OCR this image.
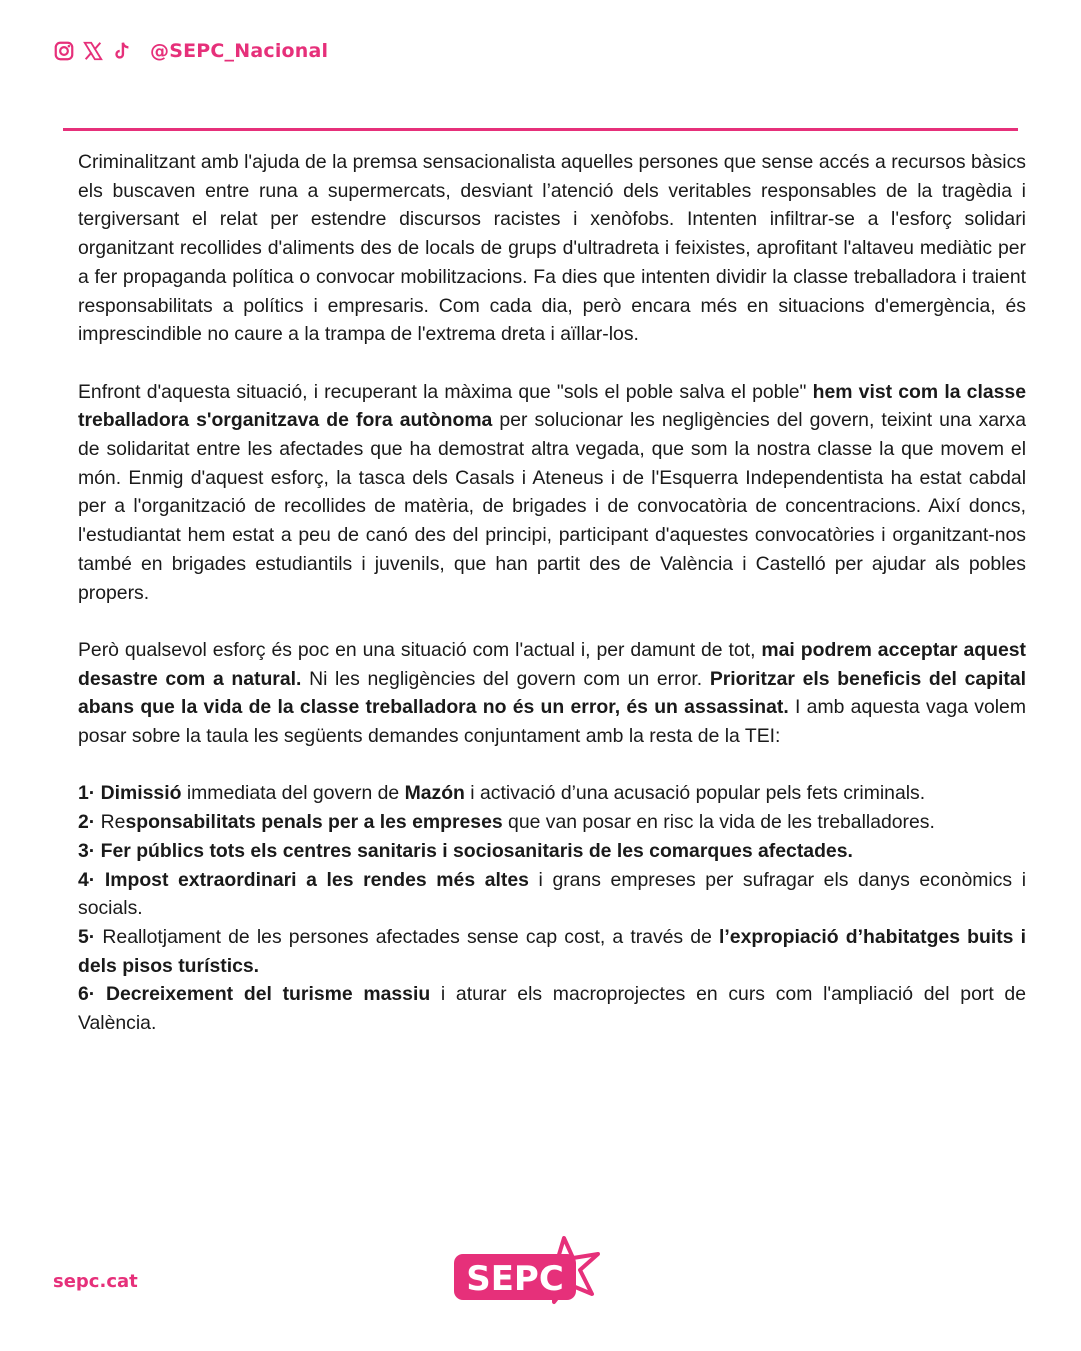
@SEPC_Nacional

Criminalitzant amb l'ajuda de la premsa sensacionalista aquelles persones que sense accés a recursos bàsics els buscaven entre runa a supermercats, desviant l’atenció dels veritables responsables de la tragèdia i tergiversant el relat per estendre discursos racistes i xenòfobs. Intenten infiltrar-se a l'esforç solidari organitzant recollides d'aliments des de locals de grups d'ultradreta i feixistes, aprofitant l'altaveu mediàtic per a fer propaganda política o convocar mobilitzacions. Fa dies que intenten dividir la classe treballadora i traient responsabilitats a polítics i empresaris. Com cada dia, però encara més en situacions d'emergència, és imprescindible no caure a la trampa de l'extrema dreta i aïllar-los.

Enfront d'aquesta situació, i recuperant la màxima que "sols el poble salva el poble" hem vist com la classe treballadora s'organitzava de fora autònoma per solucionar les negligències del govern, teixint una xarxa de solidaritat entre les afectades que ha demostrat altra vegada, que som la nostra classe la que movem el món. Enmig d'aquest esforç, la tasca dels Casals i Ateneus i de l'Esquerra Independentista ha estat cabdal per a l'organització de recollides de matèria, de brigades i de convocatòria de concentracions. Així doncs, l'estudiantat hem estat a peu de canó des del principi, participant d'aquestes convocatòries i organitzant-nos també en brigades estudiantils i juvenils, que han partit des de València i Castelló per ajudar als pobles propers.

Però qualsevol esforç és poc en una situació com l'actual i, per damunt de tot, mai podrem acceptar aquest desastre com a natural. Ni les negligències del govern com un error. Prioritzar els beneficis del capital abans que la vida de la classe treballadora no és un error, és un assassinat. I amb aquesta vaga volem posar sobre la taula les següents demandes conjuntament amb la resta de la TEI:

1· Dimissió immediata del govern de Mazón i activació d’una acusació popular pels fets criminals.

2· Responsabilitats penals per a les empreses que van posar en risc la vida de les treballadores.

3· Fer públics tots els centres sanitaris i sociosanitaris de les comarques afectades.

4· Impost extraordinari a les rendes més altes i grans empreses per sufragar els danys econòmics i socials.

5· Reallotjament de les persones afectades sense cap cost, a través de l’expropiació d’habitatges buits i dels pisos turístics.

6· Decreixement del turisme massiu i aturar els macroprojectes en curs com l'ampliació del port de València.

sepc.cat	SEPC
